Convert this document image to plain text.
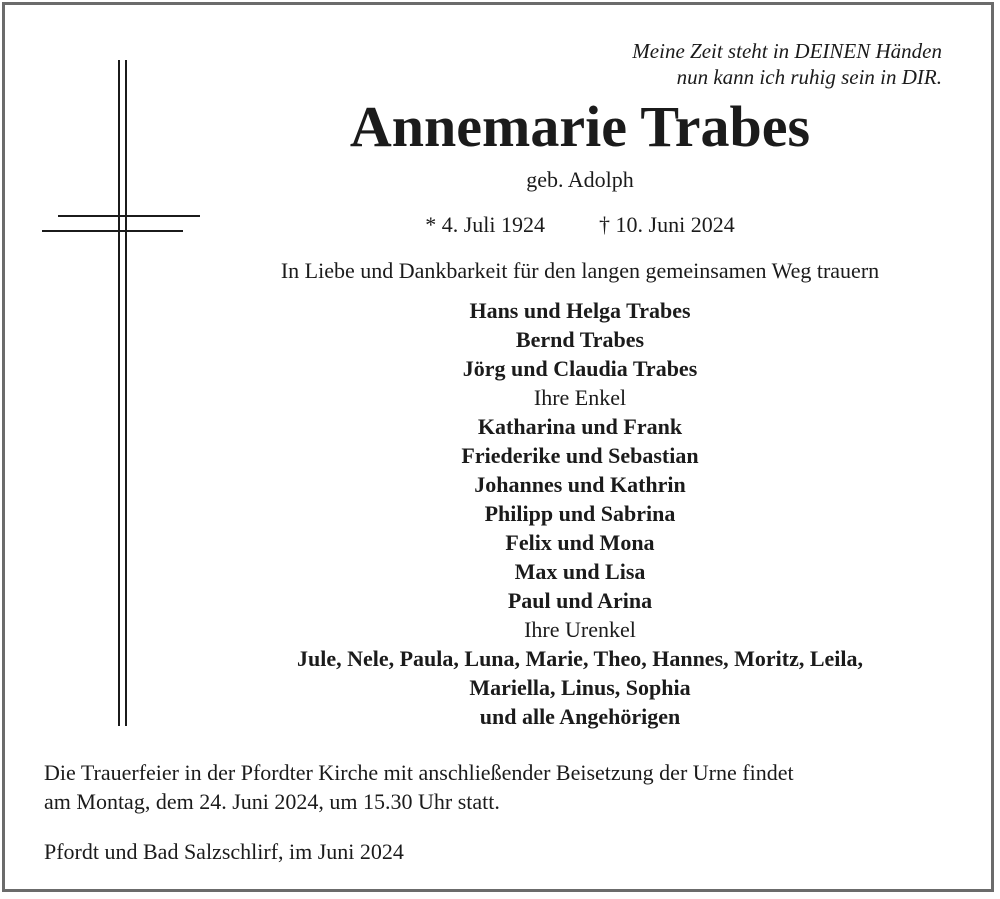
Meine Zeit steht in DEINEN Händen
nun kann ich ruhig sein in DIR.
Annemarie Trabes
geb. Adolph
* 4. Juli 1924 † 10. Juni 2024
In Liebe und Dankbarkeit für den langen gemeinsamen Weg trauern
Hans und Helga Trabes
Bernd Trabes
Jörg und Claudia Trabes
Ihre Enkel
Katharina und Frank
Friederike und Sebastian
Johannes und Kathrin
Philipp und Sabrina
Felix und Mona
Max und Lisa
Paul und Arina
Ihre Urenkel
Jule, Nele, Paula, Luna, Marie, Theo, Hannes, Moritz, Leila,
Mariella, Linus, Sophia
und alle Angehörigen
Die Trauerfeier in der Pfordter Kirche mit anschließender Beisetzung der Urne findet
am Montag, dem 24. Juni 2024, um 15.30 Uhr statt.
Pfordt und Bad Salzschlirf, im Juni 2024
